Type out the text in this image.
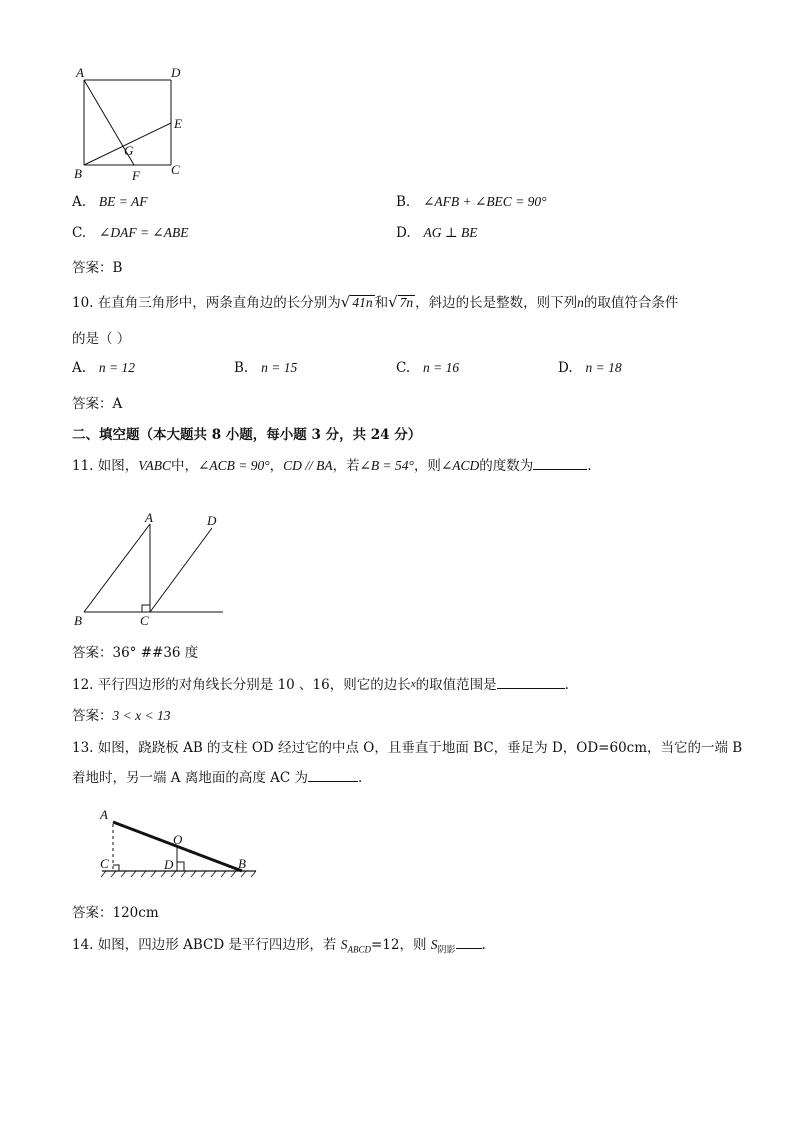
A	D
E
G
B	F C
A. BE = AF	B. ∠AFB + ∠BEC = 90°
C. ∠DAF = ∠ABE	D. AG ⊥ BE
答案：B
10. 在直角三角形中，两条直角边的长分别为√ 41n 和√ 7n ，斜边的长是整数，则下列n的取值符合条件
的是（ ）
A. n = 12	B. n = 15	C. n = 16	D. n = 18
答案：A
二、填空题（本大题共 8 小题，每小题 3 分，共 24 分）
11. 如图，VABC中，∠ACB = 90°，CD // BA，若∠B = 54°，则∠ACD的度数为	.
A	D
B	C
答案：36° ##36 度
12. 平行四边形的对角线长分别是 10 、16，则它的边长x的取值范围是	.
答案：3 < x < 13
13. 如图，跷跷板 AB 的支柱 OD 经过它的中点 O，且垂直于地面 BC，垂足为 D，OD=60cm，当它的一端 B
着地时，另一端 A 离地面的高度 AC 为	.
A
O
C	D	B
答案：120cm
14. 如图，四边形 ABCD 是平行四边形，若 $S_{ABCD}=12$，则 $S_{阴影}$ .
